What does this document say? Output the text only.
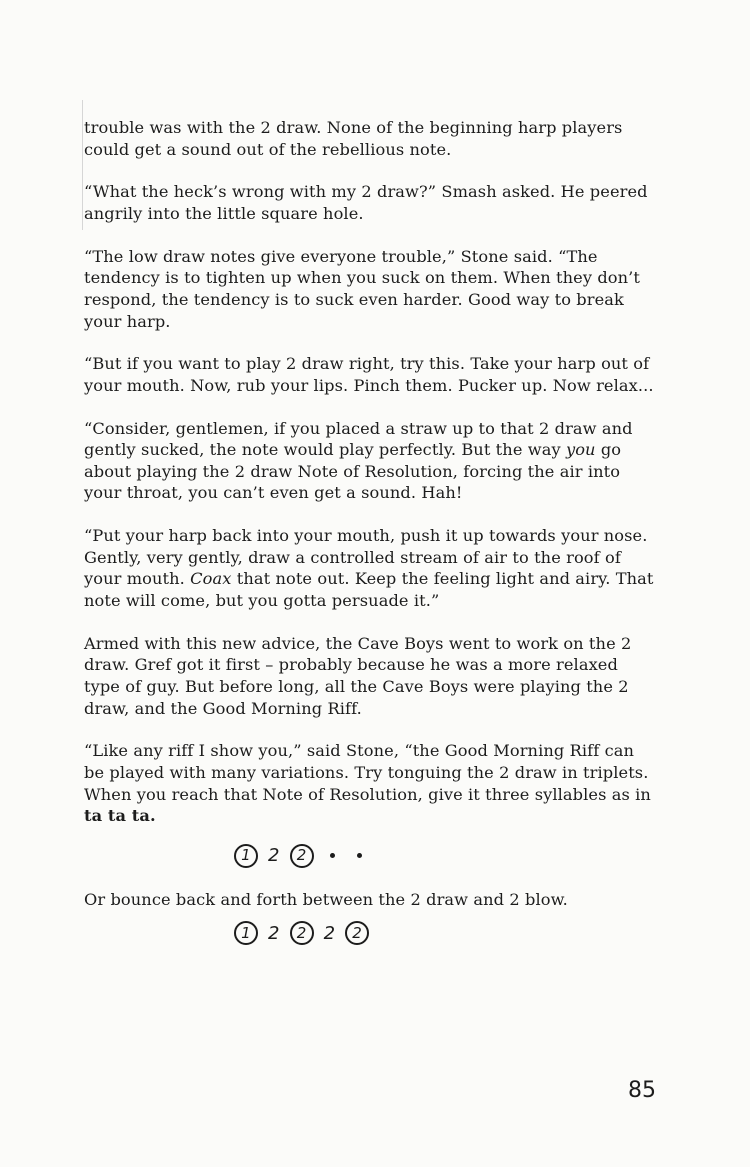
trouble was with the 2 draw. None of the beginning harp players could get a sound out of the rebellious note.

“What the heck’s wrong with my 2 draw?” Smash asked. He peered angrily into the little square hole.

“The low draw notes give everyone trouble,” Stone said. “The tendency is to tighten up when you suck on them. When they don’t respond, the tendency is to suck even harder. Good way to break your harp.

“But if you want to play 2 draw right, try this. Take your harp out of your mouth. Now, rub your lips. Pinch them. Pucker up. Now relax...

“Consider, gentlemen, if you placed a straw up to that 2 draw and gently sucked, the note would play perfectly. But the way you go about playing the 2 draw Note of Resolution, forcing the air into your throat, you can’t even get a sound. Hah!

“Put your harp back into your mouth, push it up towards your nose. Gently, very gently, draw a controlled stream of air to the roof of your mouth. Coax that note out. Keep the feeling light and airy. That note will come, but you gotta persuade it.”

Armed with this new advice, the Cave Boys went to work on the 2 draw. Gref got it first – probably because he was a more relaxed type of guy. But before long, all the Cave Boys were playing the 2 draw, and the Good Morning Riff.

“Like any riff I show you,” said Stone, “the Good Morning Riff can be played with many variations. Try tonguing the 2 draw in triplets. When you reach that Note of Resolution, give it three syllables as in ta ta ta.

1 2	2

Or bounce back and forth between the 2 draw and 2 blow.

1 2	2 2	2
85
